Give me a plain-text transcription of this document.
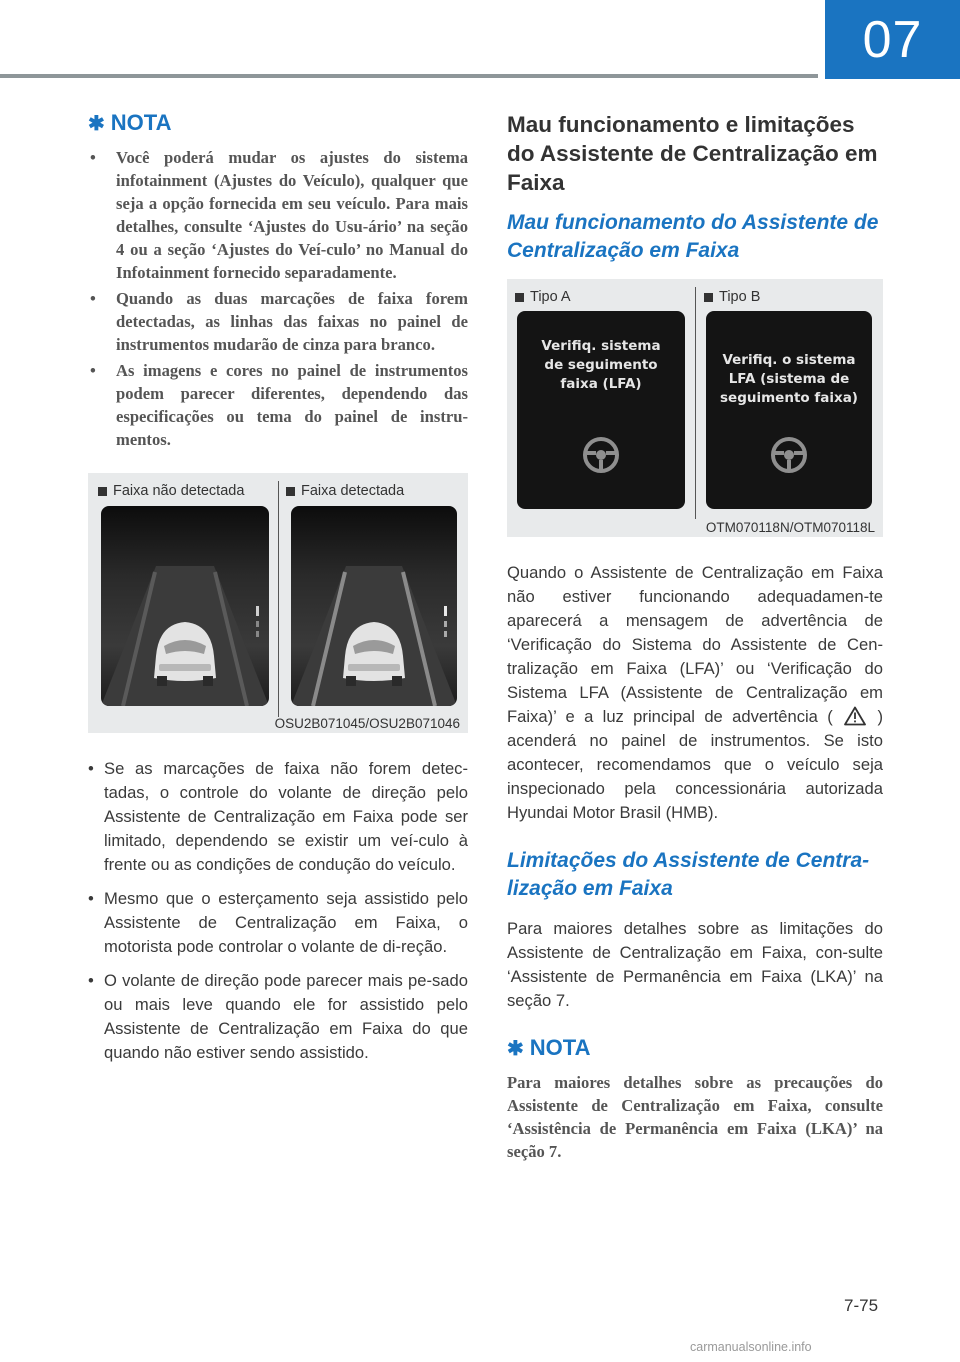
07
✱ NOTA
• Você poderá mudar os ajustes do sistema infotainment (Ajustes do Veículo), qualquer que seja a opção fornecida em seu veículo. Para mais detalhes, consulte ‘Ajustes do Usu-ário’ na seção 4 ou a seção ‘Ajustes do Veí-culo’ no Manual do Infotainment fornecido separadamente.
• Quando as duas marcações de faixa forem detectadas, as linhas das faixas no painel de instrumentos mudarão de cinza para branco.
• As imagens e cores no painel de instrumentos podem parecer diferentes, dependendo das especificações ou tema do painel de instru-mentos.
Faixa não detectada	Faixa detectada
OSU2B071045/OSU2B071046
• Se as marcações de faixa não forem detec-tadas, o controle do volante de direção pelo Assistente de Centralização em Faixa pode ser limitado, dependendo se existir um veí-culo à frente ou as condições de condução do veículo.
• Mesmo que o esterçamento seja assistido pelo Assistente de Centralização em Faixa, o motorista pode controlar o volante de di-reção.
• O volante de direção pode parecer mais pe-sado ou mais leve quando ele for assistido pelo Assistente de Centralização em Faixa do que quando não estiver sendo assistido.
Mau funcionamento e limitações do Assistente de Centralização em Faixa
Mau funcionamento do Assistente de Centralização em Faixa
Tipo A	Tipo B
Verifiq. sistema
de seguimento
faixa (LFA)
Verifiq. o sistema
LFA (sistema de
seguimento faixa)
OTM070118N/OTM070118L

Quando o Assistente de Centralização em Faixa não estiver funcionando adequadamen-te aparecerá a mensagem de advertência de ‘Verificação do Sistema do Assistente de Cen-tralização em Faixa (LFA)’ ou ‘Verificação do Sistema LFA (Assistente de Centralização em Faixa)’ e a luz principal de advertência (	) acenderá no painel de instrumentos. Se isto acontecer, recomendamos que o veículo seja inspecionado pela concessionária autorizada Hyundai Motor Brasil (HMB).

Limitações do Assistente de Centra-lização em Faixa

Para maiores detalhes sobre as limitações do Assistente de Centralização em Faixa, con-sulte ‘Assistente de Permanência em Faixa (LKA)’ na seção 7.

✱ NOTA

Para maiores detalhes sobre as precauções do Assistente de Centralização em Faixa, consulte ‘Assistência de Permanência em Faixa (LKA)’ na seção 7.

7-75
carmanualsonline.info
